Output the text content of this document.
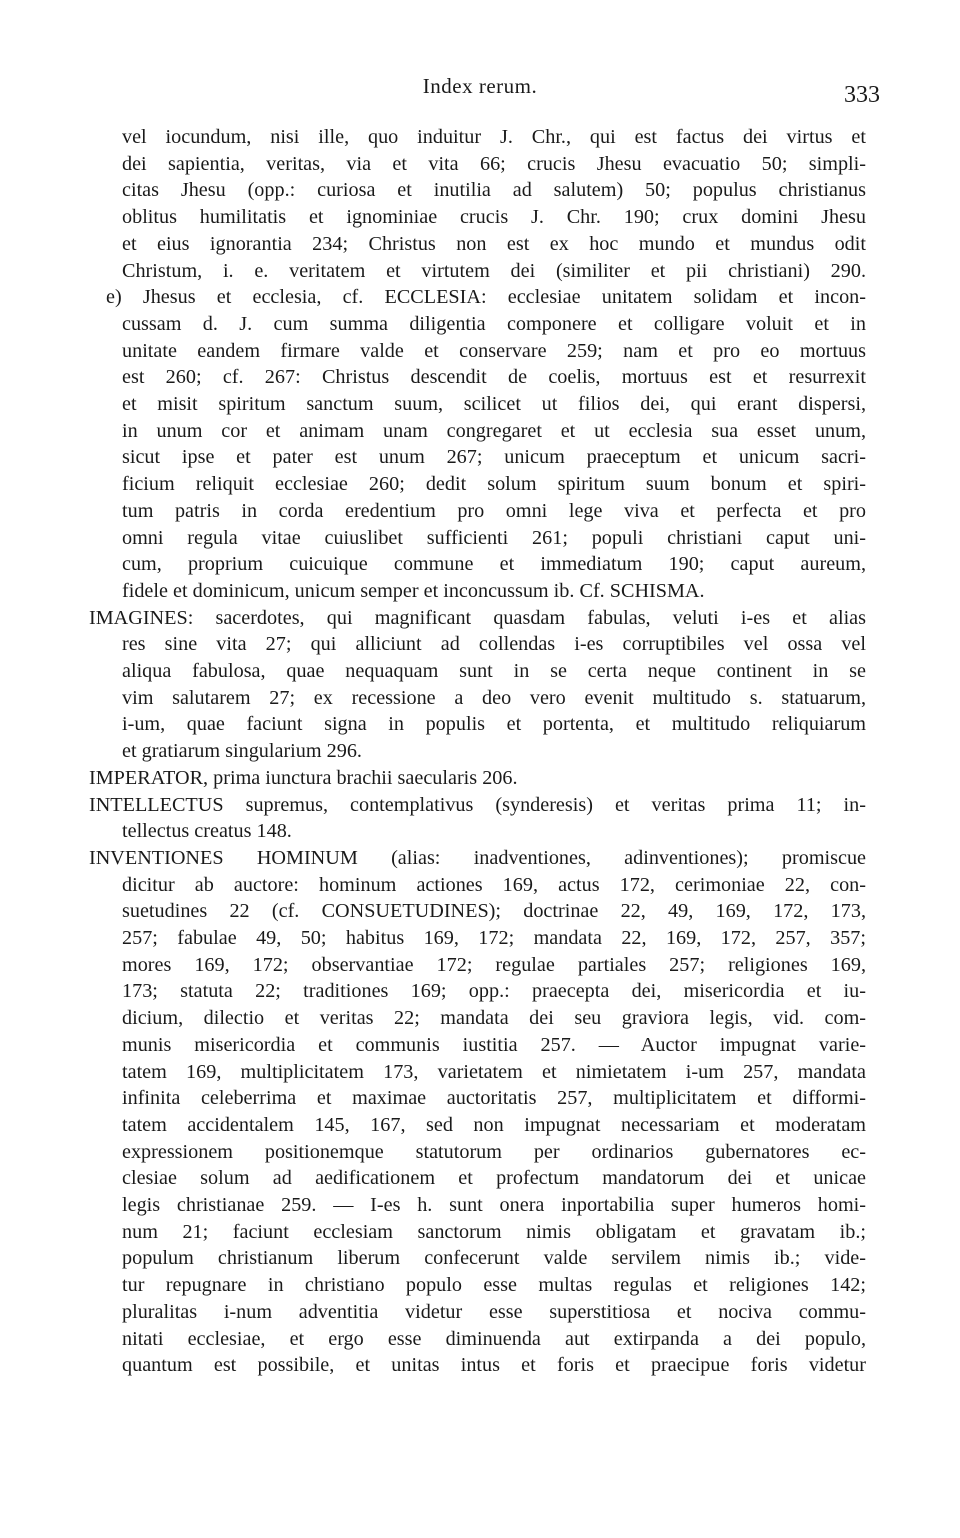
Index rerum.	333
vel iocundum, nisi ille, quo induitur J. Chr., qui est factus dei virtus et
dei sapientia, veritas, via et vita 66; crucis Jhesu evacuatio 50; simpli-
citas Jhesu (opp.: curiosa et inutilia ad salutem) 50; populus christianus
oblitus humilitatis et ignominiae crucis J. Chr. 190; crux domini Jhesu
et eius ignorantia 234; Christus non est ex hoc mundo et mundus odit
Christum, i. e. veritatem et virtutem dei (similiter et pii christiani) 290.
e) Jhesus et ecclesia, cf. ECCLESIA: ecclesiae unitatem solidam et incon-
cussam d. J. cum summa diligentia componere et colligare voluit et in
unitate eandem firmare valde et conservare 259; nam et pro eo mortuus
est 260; cf. 267: Christus descendit de coelis, mortuus est et resurrexit
et misit spiritum sanctum suum, scilicet ut filios dei, qui erant dispersi,
in unum cor et animam unam congregaret et ut ecclesia sua esset unum,
sicut ipse et pater est unum 267; unicum praeceptum et unicum sacri-
ficium reliquit ecclesiae 260; dedit solum spiritum suum bonum et spiri-
tum patris in corda eredentium pro omni lege viva et perfecta et pro
omni regula vitae cuiuslibet sufficienti 261; populi christiani caput uni-
cum, proprium cuicuique commune et immediatum 190; caput aureum,
fidele et dominicum, unicum semper et inconcussum ib. Cf. SCHISMA.
IMAGINES: sacerdotes, qui magnificant quasdam fabulas, veluti i-es et alias
res sine vita 27; qui alliciunt ad collendas i-es corruptibiles vel ossa vel
aliqua fabulosa, quae nequaquam sunt in se certa neque continent in se
vim salutarem 27; ex recessione a deo vero evenit multitudo s. statuarum,
i-um, quae faciunt signa in populis et portenta, et multitudo reliquiarum
et gratiarum singularium 296.
IMPERATOR, prima iunctura brachii saecularis 206.
INTELLECTUS supremus, contemplativus (synderesis) et veritas prima 11; in-
tellectus creatus 148.
INVENTIONES HOMINUM (alias: inadventiones, adinventiones); promiscue
dicitur ab auctore: hominum actiones 169, actus 172, cerimoniae 22, con-
suetudines 22 (cf. CONSUETUDINES); doctrinae 22, 49, 169, 172, 173,
257; fabulae 49, 50; habitus 169, 172; mandata 22, 169, 172, 257, 357;
mores 169, 172; observantiae 172; regulae partiales 257; religiones 169,
173; statuta 22; traditiones 169; opp.: praecepta dei, misericordia et iu-
dicium, dilectio et veritas 22; mandata dei seu graviora legis, vid. com-
munis misericordia et communis iustitia 257. — Auctor impugnat varie-
tatem 169, multiplicitatem 173, varietatem et nimietatem i-um 257, mandata
infinita celeberrima et maximae auctoritatis 257, multiplicitatem et difformi-
tatem accidentalem 145, 167, sed non impugnat necessariam et moderatam
expressionem positionemque statutorum per ordinarios gubernatores ec-
clesiae solum ad aedificationem et profectum mandatorum dei et unicae
legis christianae 259. — I-es h. sunt onera inportabilia super humeros homi-
num 21; faciunt ecclesiam sanctorum nimis obligatam et gravatam ib.;
populum christianum liberum confecerunt valde servilem nimis ib.; vide-
tur repugnare in christiano populo esse multas regulas et religiones 142;
pluralitas i-num adventitia videtur esse superstitiosa et nociva commu-
nitati ecclesiae, et ergo esse diminuenda aut extirpanda a dei populo,
quantum est possibile, et unitas intus et foris et praecipue foris videtur
